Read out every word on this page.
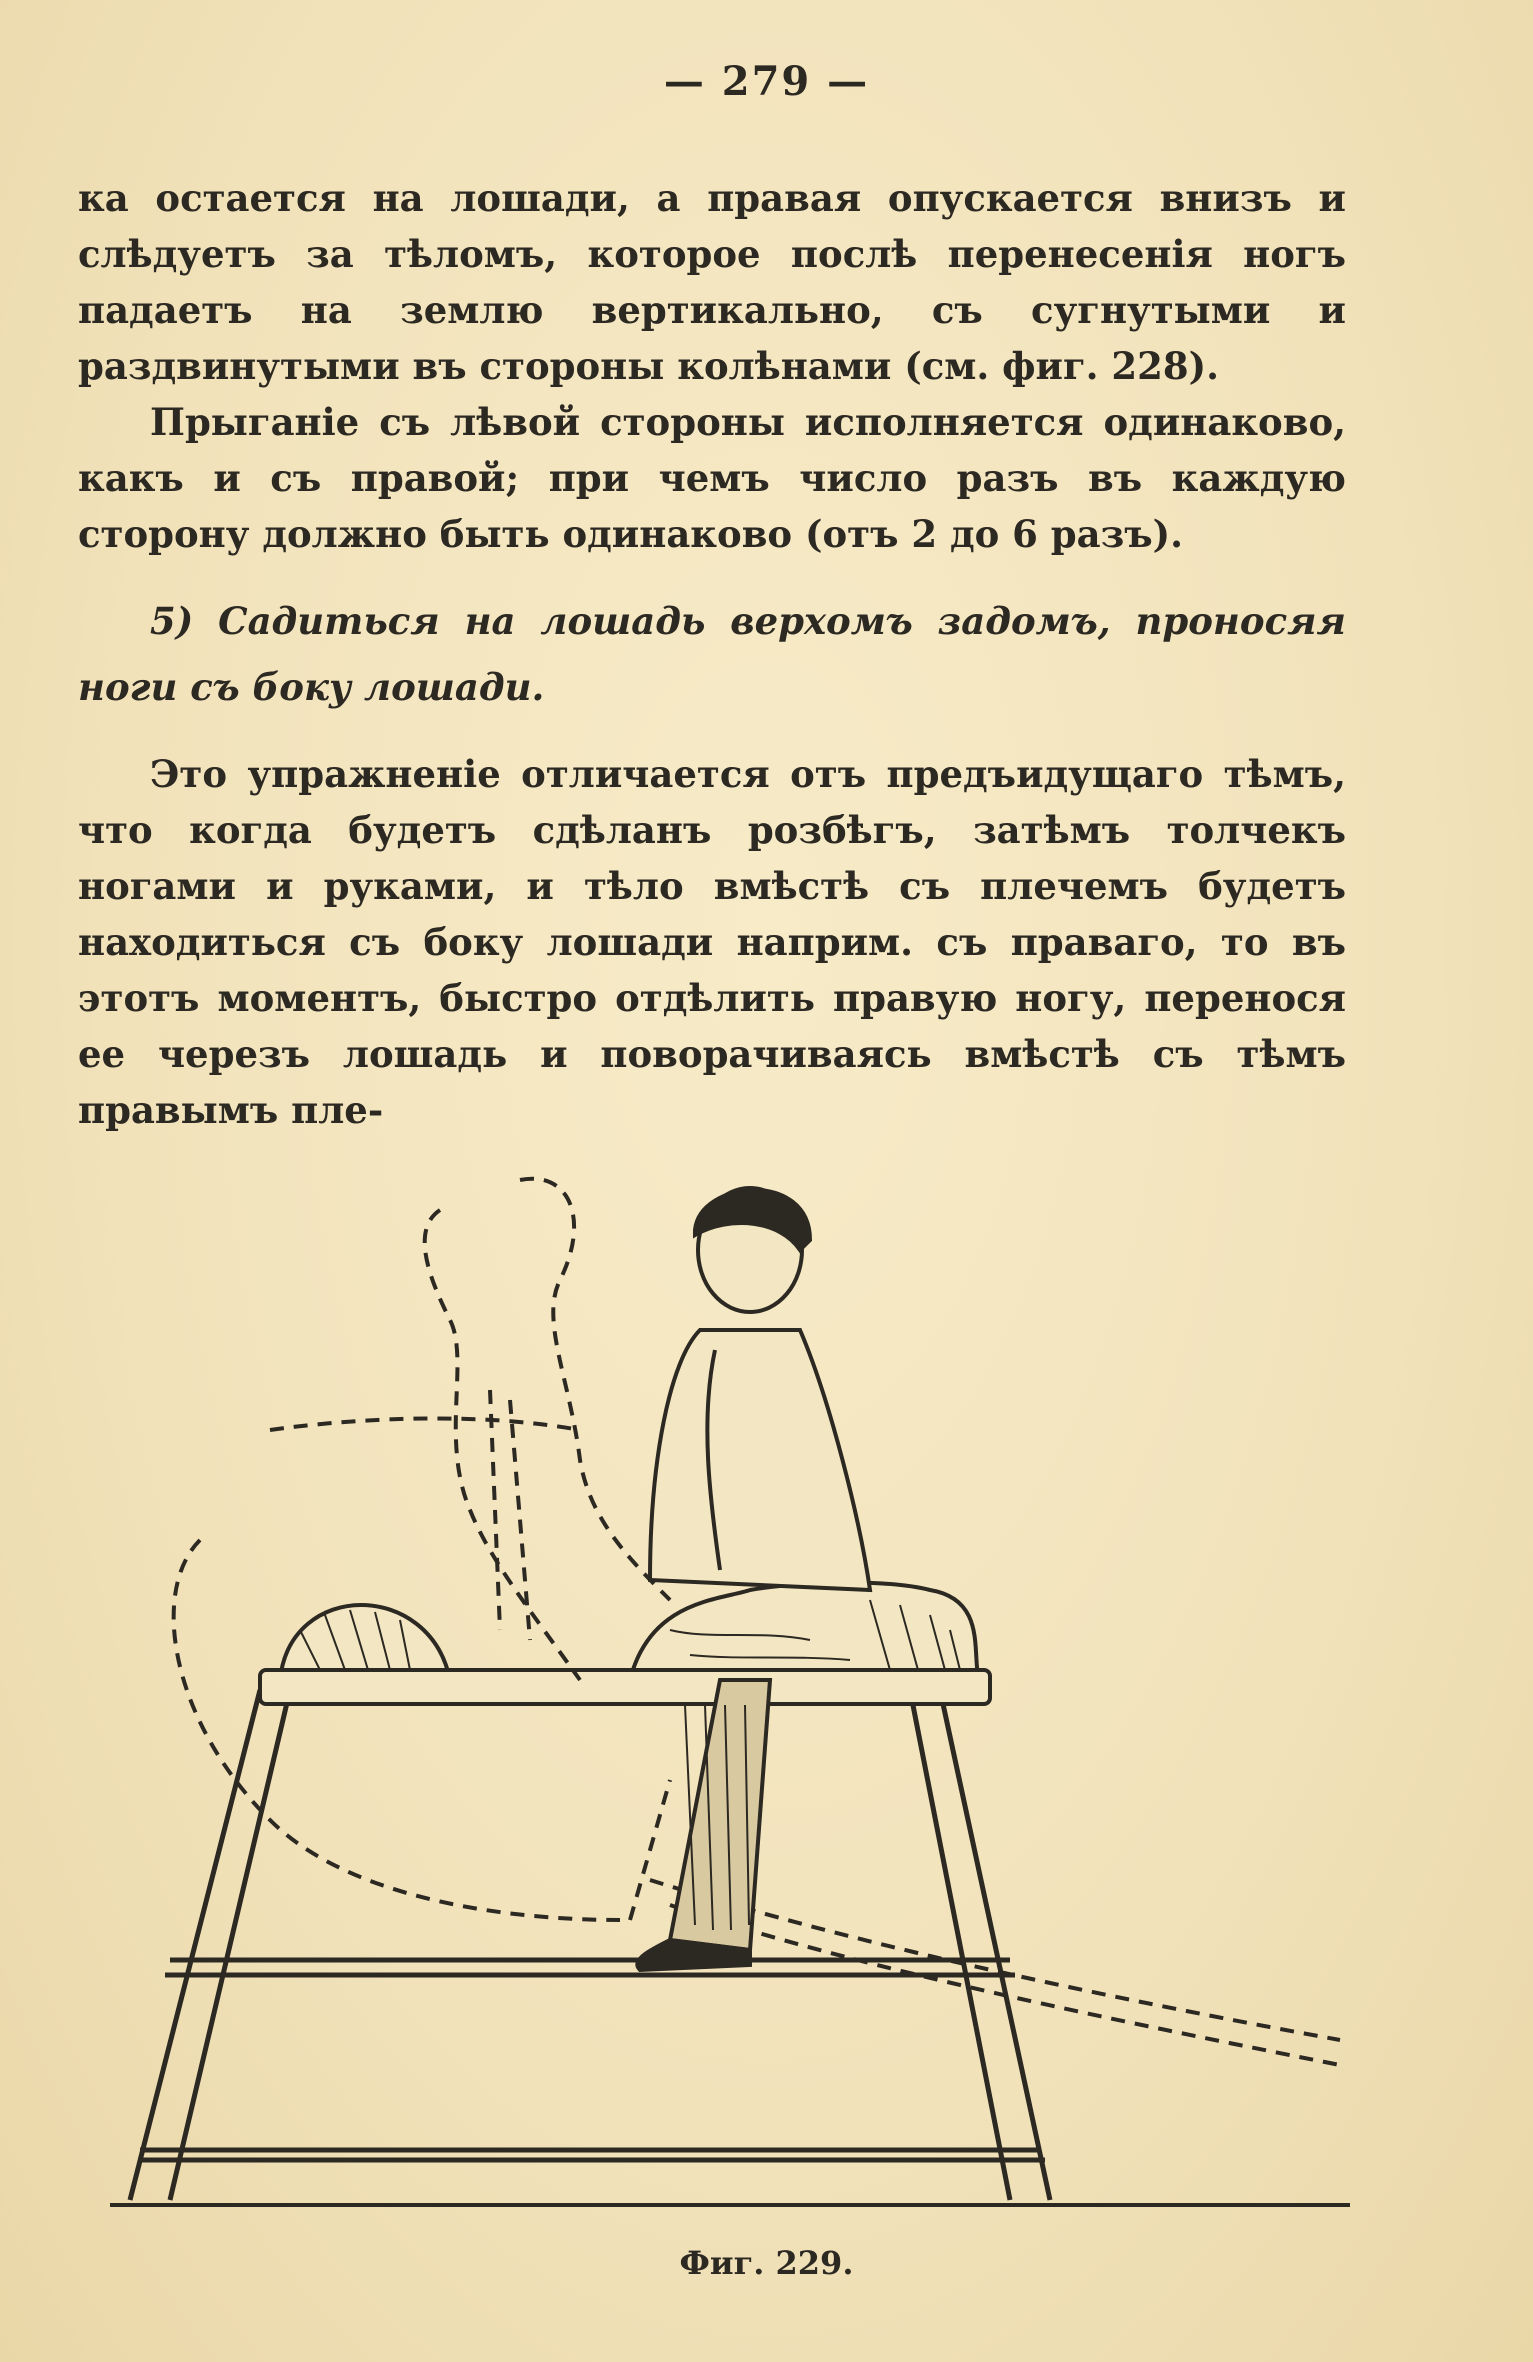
— 279 —

ка остается на лошади, а правая опускается внизъ и слѣдуетъ за тѣломъ, которое послѣ перенесенія ногъ падаетъ на землю вертикально, съ сугнутыми и раздвинутыми въ стороны колѣнами (см. фиг. 228).

Прыганіе съ лѣвой стороны исполняется одинаково, какъ и съ правой; при чемъ число разъ въ каждую сторону должно быть одинаково (отъ 2 до 6 разъ).

5) Садиться на лошадь верхомъ задомъ, проносяя ноги съ боку лошади.

Это упражненіе отличается отъ предъидущаго тѣмъ, что когда будетъ сдѣланъ розбѣгъ, затѣмъ толчекъ ногами и руками, и тѣло вмѣстѣ съ плечемъ будетъ находиться съ боку лошади наприм. съ праваго, то въ этотъ моментъ, быстро отдѣлить правую ногу, перенося ее черезъ лошадь и поворачиваясь вмѣстѣ съ тѣмъ правымъ пле-

Фиг. 229.
